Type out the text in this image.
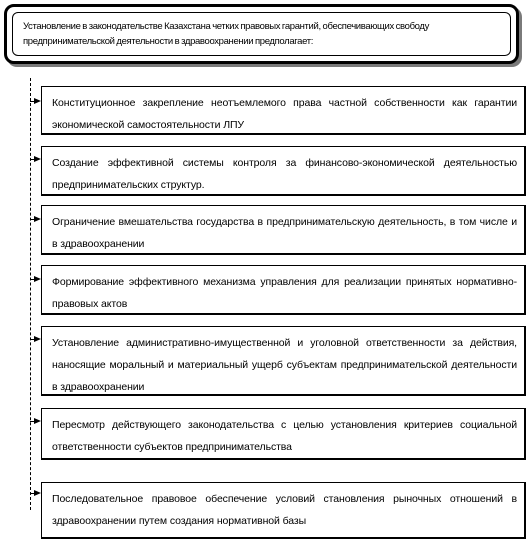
Установление в законодательстве Казахстана четких правовых гарантий, обеспечивающих свободу предпринимательской деятельности в здравоохранении предполагает:
Конституционное закрепление неотъемлемого права частной собственности как гарантии экономической самостоятельности ЛПУ
Создание эффективной системы контроля за финансово-экономической деятельностью предпринимательских структур.
Ограничение вмешательства государства в предпринимательскую деятельность, в том числе и в здравоохранении
Формирование эффективного механизма управления для реализации принятых нормативно-правовых актов
Установление административно-имущественной и уголовной ответственности за действия, наносящие моральный и материальный ущерб субъектам предпринимательской деятельности в здравоохранении
Пересмотр действующего законодательства с целью установления критериев социальной ответственности субъектов предпринимательства
Последовательное правовое обеспечение условий становления рыночных отношений в здравоохранении путем создания нормативной базы
